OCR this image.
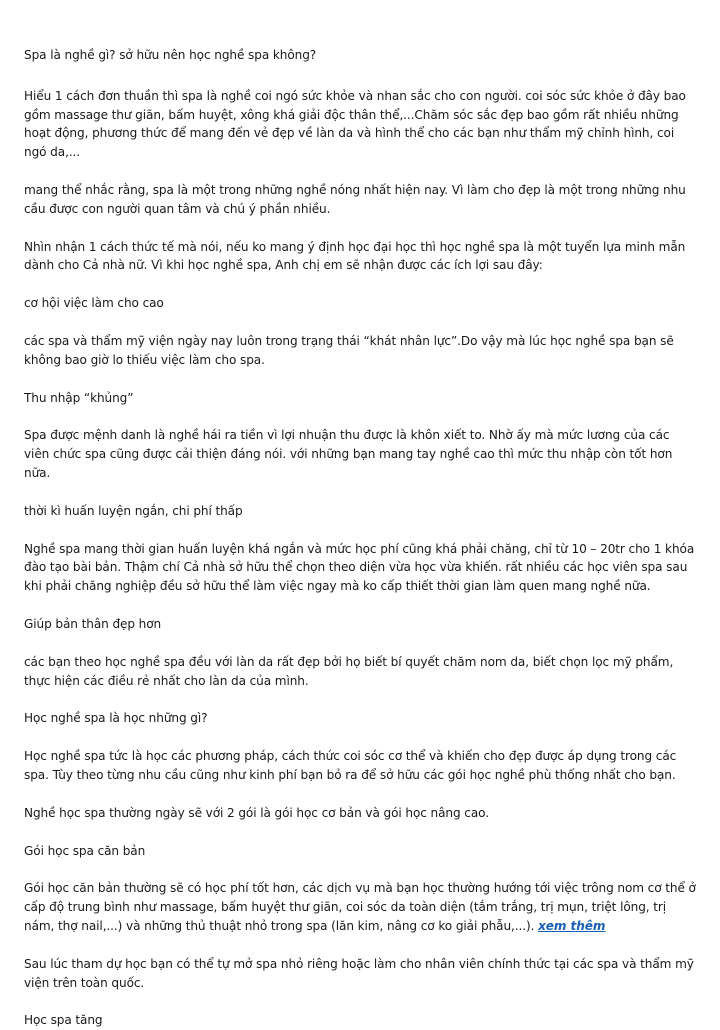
Spa là nghề gì? sở hữu nên học nghề spa không?

Hiểu 1 cách đơn thuần thì spa là nghề coi ngó sức khỏe và nhan sắc cho con người. coi sóc sức khỏe ở đây bao gồm massage thư giãn, bấm huyệt, xông khá giải độc thân thể,...Chăm sóc sắc đẹp bao gồm rất nhiều những hoạt động, phương thức để mang đến vẻ đẹp về làn da và hình thể cho các bạn như thẩm mỹ chỉnh hình, coi ngó da,...

mang thể nhắc rằng, spa là một trong những nghề nóng nhất hiện nay. Vì làm cho đẹp là một trong những nhu cầu được con người quan tâm và chú ý phần nhiều.

Nhìn nhận 1 cách thức tế mà nói, nếu ko mang ý định học đại học thì học nghề spa là một tuyển lựa minh mẫn dành cho Cả nhà nữ. Vì khi học nghề spa, Anh chị em sẽ nhận được các ích lợi sau đây:

cơ hội việc làm cho cao

các spa và thẩm mỹ viện ngày nay luôn trong trạng thái “khát nhân lực”.Do vậy mà lúc học nghề spa bạn sẽ không bao giờ lo thiếu việc làm cho spa.

Thu nhập “khủng”

Spa được mệnh danh là nghề hái ra tiền vì lợi nhuận thu được là khôn xiết to. Nhờ ấy mà mức lương của các viên chức spa cũng được cải thiện đáng nói. với những bạn mang tay nghề cao thì mức thu nhập còn tốt hơn nữa.

thời kì huấn luyện ngắn, chi phí thấp

Nghề spa mang thời gian huấn luyện khá ngắn và mức học phí cũng khá phải chăng, chỉ từ 10 – 20tr cho 1 khóa đào tạo bài bản. Thậm chí Cả nhà sở hữu thể chọn theo diện vừa học vừa khiến. rất nhiều các học viên spa sau khi phải chăng nghiệp đều sở hữu thể làm việc ngay mà ko cấp thiết thời gian làm quen mang nghề nữa.

Giúp bản thân đẹp hơn

các bạn theo học nghề spa đều với làn da rất đẹp bởi họ biết bí quyết chăm nom da, biết chọn lọc mỹ phẩm, thực hiện các điều rẻ nhất cho làn da của mình.

Học nghề spa là học những gì?

Học nghề spa tức là học các phương pháp, cách thức coi sóc cơ thể và khiến cho đẹp được áp dụng trong các spa. Tùy theo từng nhu cầu cũng như kinh phí bạn bỏ ra để sở hữu các gói học nghề phù thống nhất cho bạn.

Nghề học spa thường ngày sẽ với 2 gói là gói học cơ bản và gói học nâng cao.

Gói học spa căn bản

Gói học căn bản thường sẽ có học phí tốt hơn, các dịch vụ mà bạn học thường hướng tới việc trông nom cơ thể ở cấp độ trung bình như massage, bấm huyệt thư giãn, coi sóc da toàn diện (tắm trắng, trị mụn, triệt lông, trị nám, thợ nail,...) và những thủ thuật nhỏ trong spa (lăn kim, nâng cơ ko giải phẫu,...). xem thêm

Sau lúc tham dự học bạn có thể tự mở spa nhỏ riêng hoặc làm cho nhân viên chính thức tại các spa và thẩm mỹ viện trên toàn quốc.

Học spa tăng
